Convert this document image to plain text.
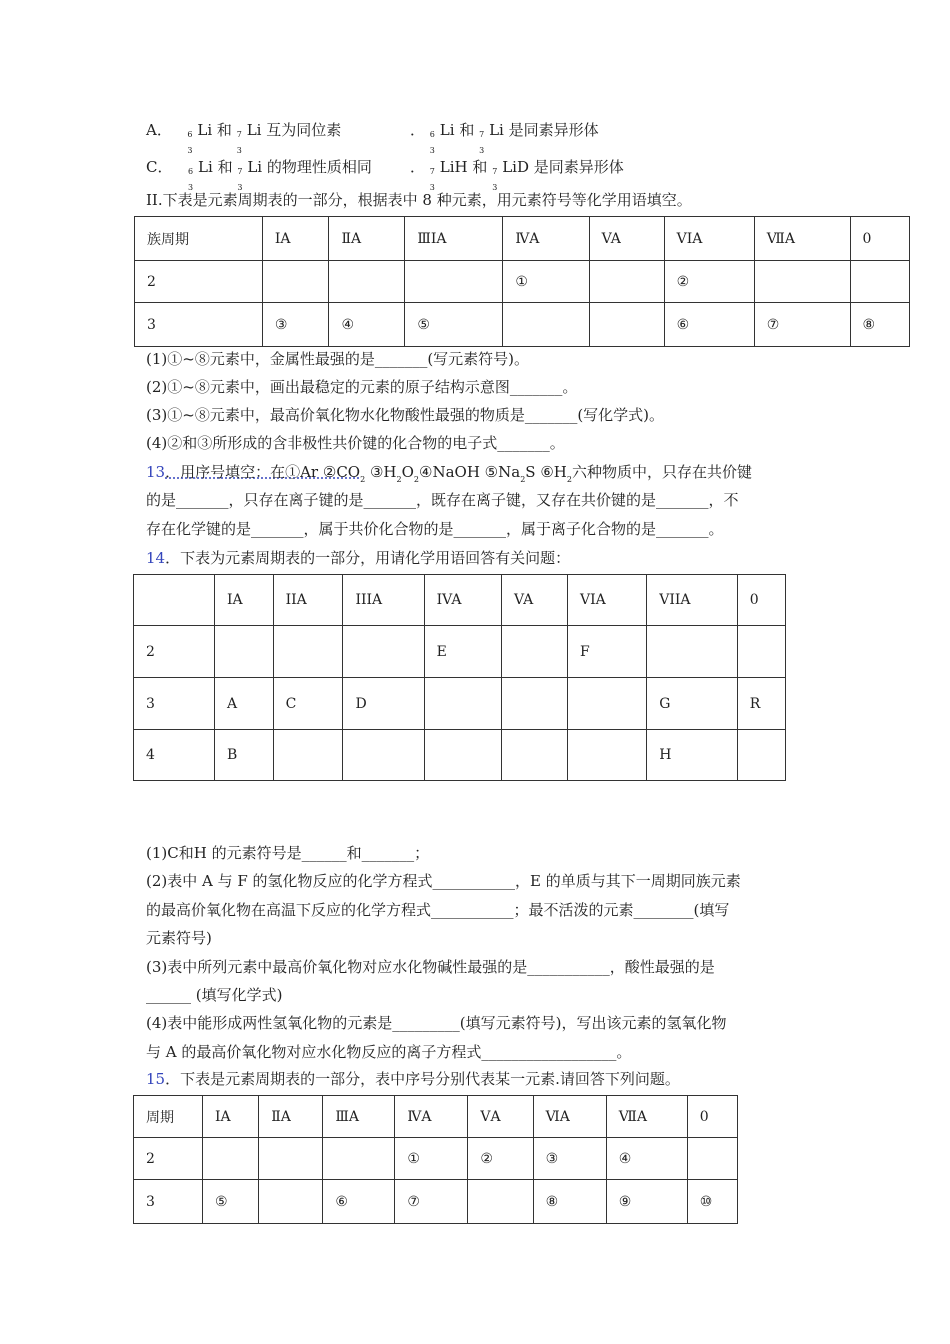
A． 6
3
Li 和 7
3
Li 互为同位素	． 6
3
Li 和 7
3
Li 是同素异形体
C． 6
3
Li 和 7
3
Li 的物理性质相同	． 7
3
LiH 和 7
3
LiD 是同素异形体
II.下表是元素周期表的一部分，根据表中 8 种元素，用元素符号等化学用语填空。
族周期	IA	ⅡA	ⅢIA	ⅣA	VA	VIA	ⅦA	0
2				①		②		
3	③	④	⑤			⑥	⑦	⑧
(1)①~⑧元素中，金属性最强的是_______(写元素符号)。
(2)①~⑧元素中，画出最稳定的元素的原子结构示意图_______。
(3)①~⑧元素中，最高价氧化物水化物酸性最强的物质是_______(写化学式)。
(4)②和③所形成的含非极性共价键的化合物的电子式_______。
13．用序号填空：在①Ar $②CO_2$ $③H_2O_2④NaOH$ $⑤Na_2S$ $⑥H_2$六种物质中，只存在共价键
的是_______，只存在离子键的是_______，既存在离子键，又存在共价键的是_______，不
存在化学键的是_______，属于共价化合物的是_______，属于离子化合物的是_______。
14．下表为元素周期表的一部分，用请化学用语回答有关问题：
	IA	IIA	IIIA	IVA	VA	VIA	VIIA	0
2				E		F		
3	A	C	D				G	R
4	B						H	
(1)C和H 的元素符号是______和_______；
(2)表中 A 与 F 的氢化物反应的化学方程式___________，E 的单质与其下一周期同族元素
的最高价氧化物在高温下反应的化学方程式___________；最不活泼的元素________(填写
元素符号)
(3)表中所列元素中最高价氧化物对应水化物碱性最强的是___________，酸性最强的是
______ (填写化学式)
(4)表中能形成两性氢氧化物的元素是_________(填写元素符号)，写出该元素的氢氧化物
与 A 的最高价氧化物对应水化物反应的离子方程式__________________。
15．下表是元素周期表的一部分，表中序号分别代表某一元素.请回答下列问题。
周期	ⅠA	ⅡA	ⅢA	ⅣA	ⅤA	ⅥA	ⅦA	0
2				①	②	③	④	
3	⑤		⑥	⑦		⑧	⑨	⑩
